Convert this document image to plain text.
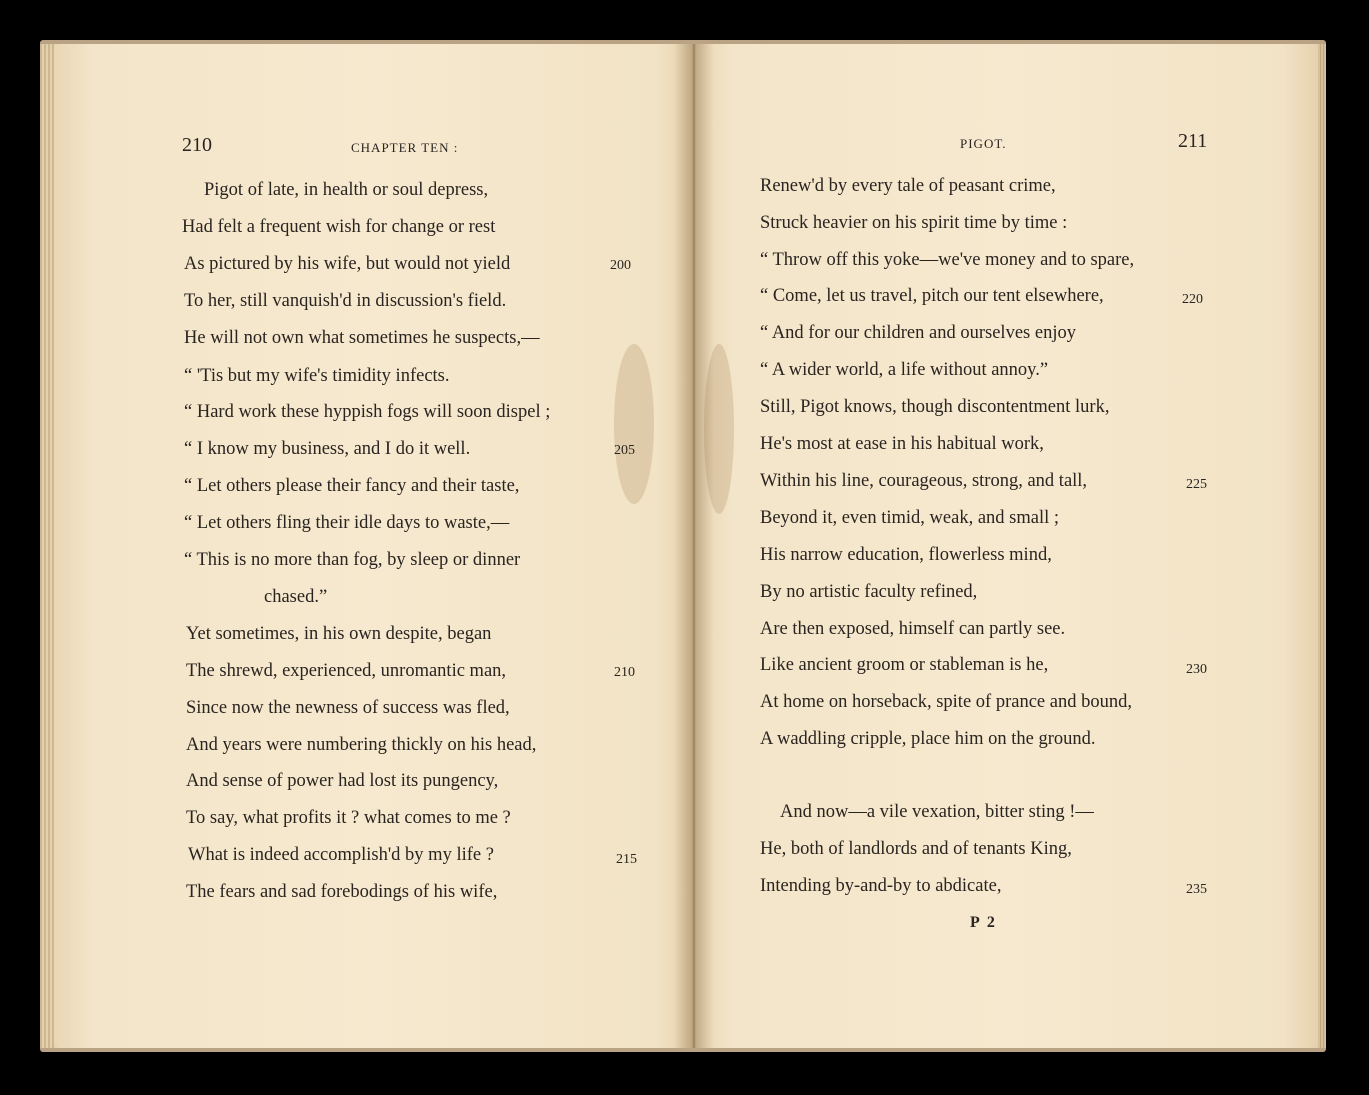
210	CHAPTER TEN :
Pigot of late, in health or soul depress,
Had felt a frequent wish for change or rest
As pictured by his wife, but would not yield	200
To her, still vanquish'd in discussion's field.
He will not own what sometimes he suspects,—
“ 'Tis but my wife's timidity infects.
“ Hard work these hyppish fogs will soon dispel ;
“ I know my business, and I do it well.	205
“ Let others please their fancy and their taste,
“ Let others fling their idle days to waste,—
“ This is no more than fog, by sleep or dinner
chased.”
Yet sometimes, in his own despite, began
The shrewd, experienced, unromantic man,	210
Since now the newness of success was fled,
And years were numbering thickly on his head,
And sense of power had lost its pungency,
To say, what profits it ? what comes to me ?
What is indeed accomplish'd by my life ?	215
The fears and sad forebodings of his wife,
PIGOT.	211
Renew'd by every tale of peasant crime,
Struck heavier on his spirit time by time :
“ Throw off this yoke—we've money and to spare,
“ Come, let us travel, pitch our tent elsewhere,	220
“ And for our children and ourselves enjoy
“ A wider world, a life without annoy.”
Still, Pigot knows, though discontentment lurk,
He's most at ease in his habitual work,
Within his line, courageous, strong, and tall,	225
Beyond it, even timid, weak, and small ;
His narrow education, flowerless mind,
By no artistic faculty refined,
Are then exposed, himself can partly see.
Like ancient groom or stableman is he,	230
At home on horseback, spite of prance and bound,
A waddling cripple, place him on the ground.
And now—a vile vexation, bitter sting !—
He, both of landlords and of tenants King,
Intending by-and-by to abdicate,	235
P 2
